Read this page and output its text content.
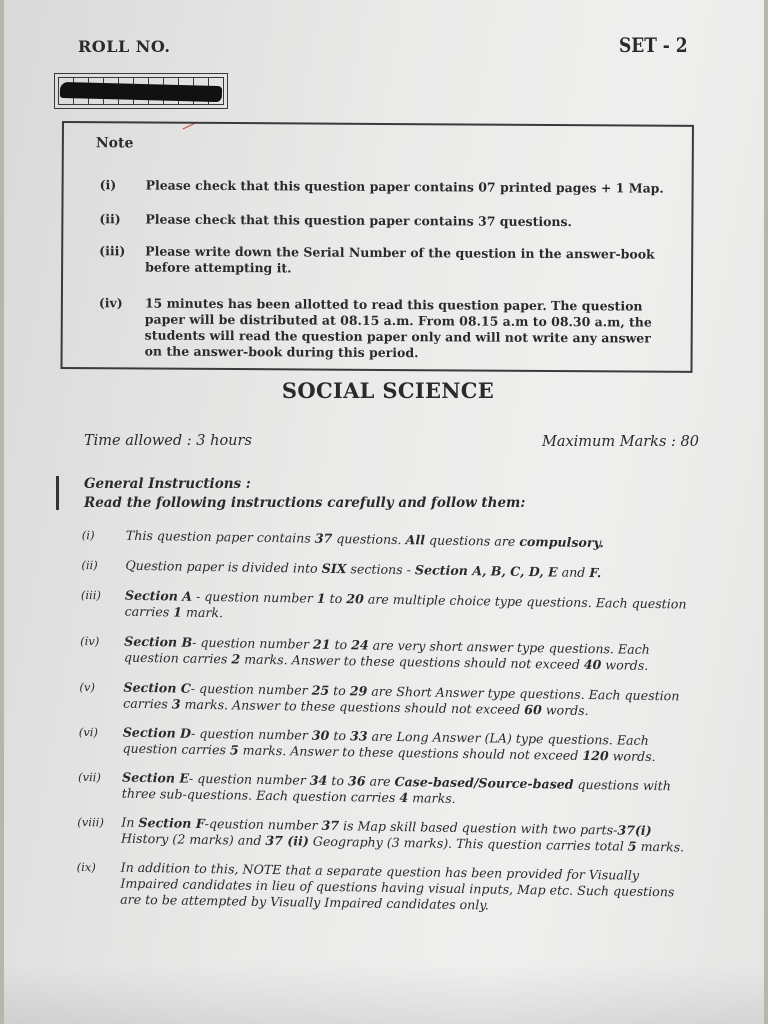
ROLL NO.	SET - 2
Note
(i)	Please check that this question paper contains 07 printed pages + 1 Map.
(ii)	Please check that this question paper contains 37 questions.
(iii)	Please write down the Serial Number of the question in the answer-book before attempting it.
(iv)	15 minutes has been allotted to read this question paper. The question paper will be distributed at 08.15 a.m. From 08.15 a.m to 08.30 a.m, the students will read the question paper only and will not write any answer on the answer-book during this period.
SOCIAL SCIENCE
Time allowed : 3 hours	Maximum Marks : 80
General Instructions :
Read the following instructions carefully and follow them:
(i)	This question paper contains 37 questions. All questions are compulsory.
(ii)	Question paper is divided into SIX sections - Section A, B, C, D, E and F.
(iii)	Section A - question number 1 to 20 are multiple choice type questions. Each question carries 1 mark.
(iv)	Section B- question number 21 to 24 are very short answer type questions. Each question carries 2 marks. Answer to these questions should not exceed 40 words.
(v)	Section C- question number 25 to 29 are Short Answer type questions. Each question carries 3 marks. Answer to these questions should not exceed 60 words.
(vi)	Section D- question number 30 to 33 are Long Answer (LA) type questions. Each question carries 5 marks. Answer to these questions should not exceed 120 words.
(vii)	Section E- question number 34 to 36 are Case-based/Source-based questions with three sub-questions. Each question carries 4 marks.
(viii)	In Section F-qeustion number 37 is Map skill based question with two parts-37(i) History (2 marks) and 37 (ii) Geography (3 marks). This question carries total 5 marks.
(ix)	In addition to this, NOTE that a separate question has been provided for Visually Impaired candidates in lieu of questions having visual inputs, Map etc. Such questions are to be attempted by Visually Impaired candidates only.
